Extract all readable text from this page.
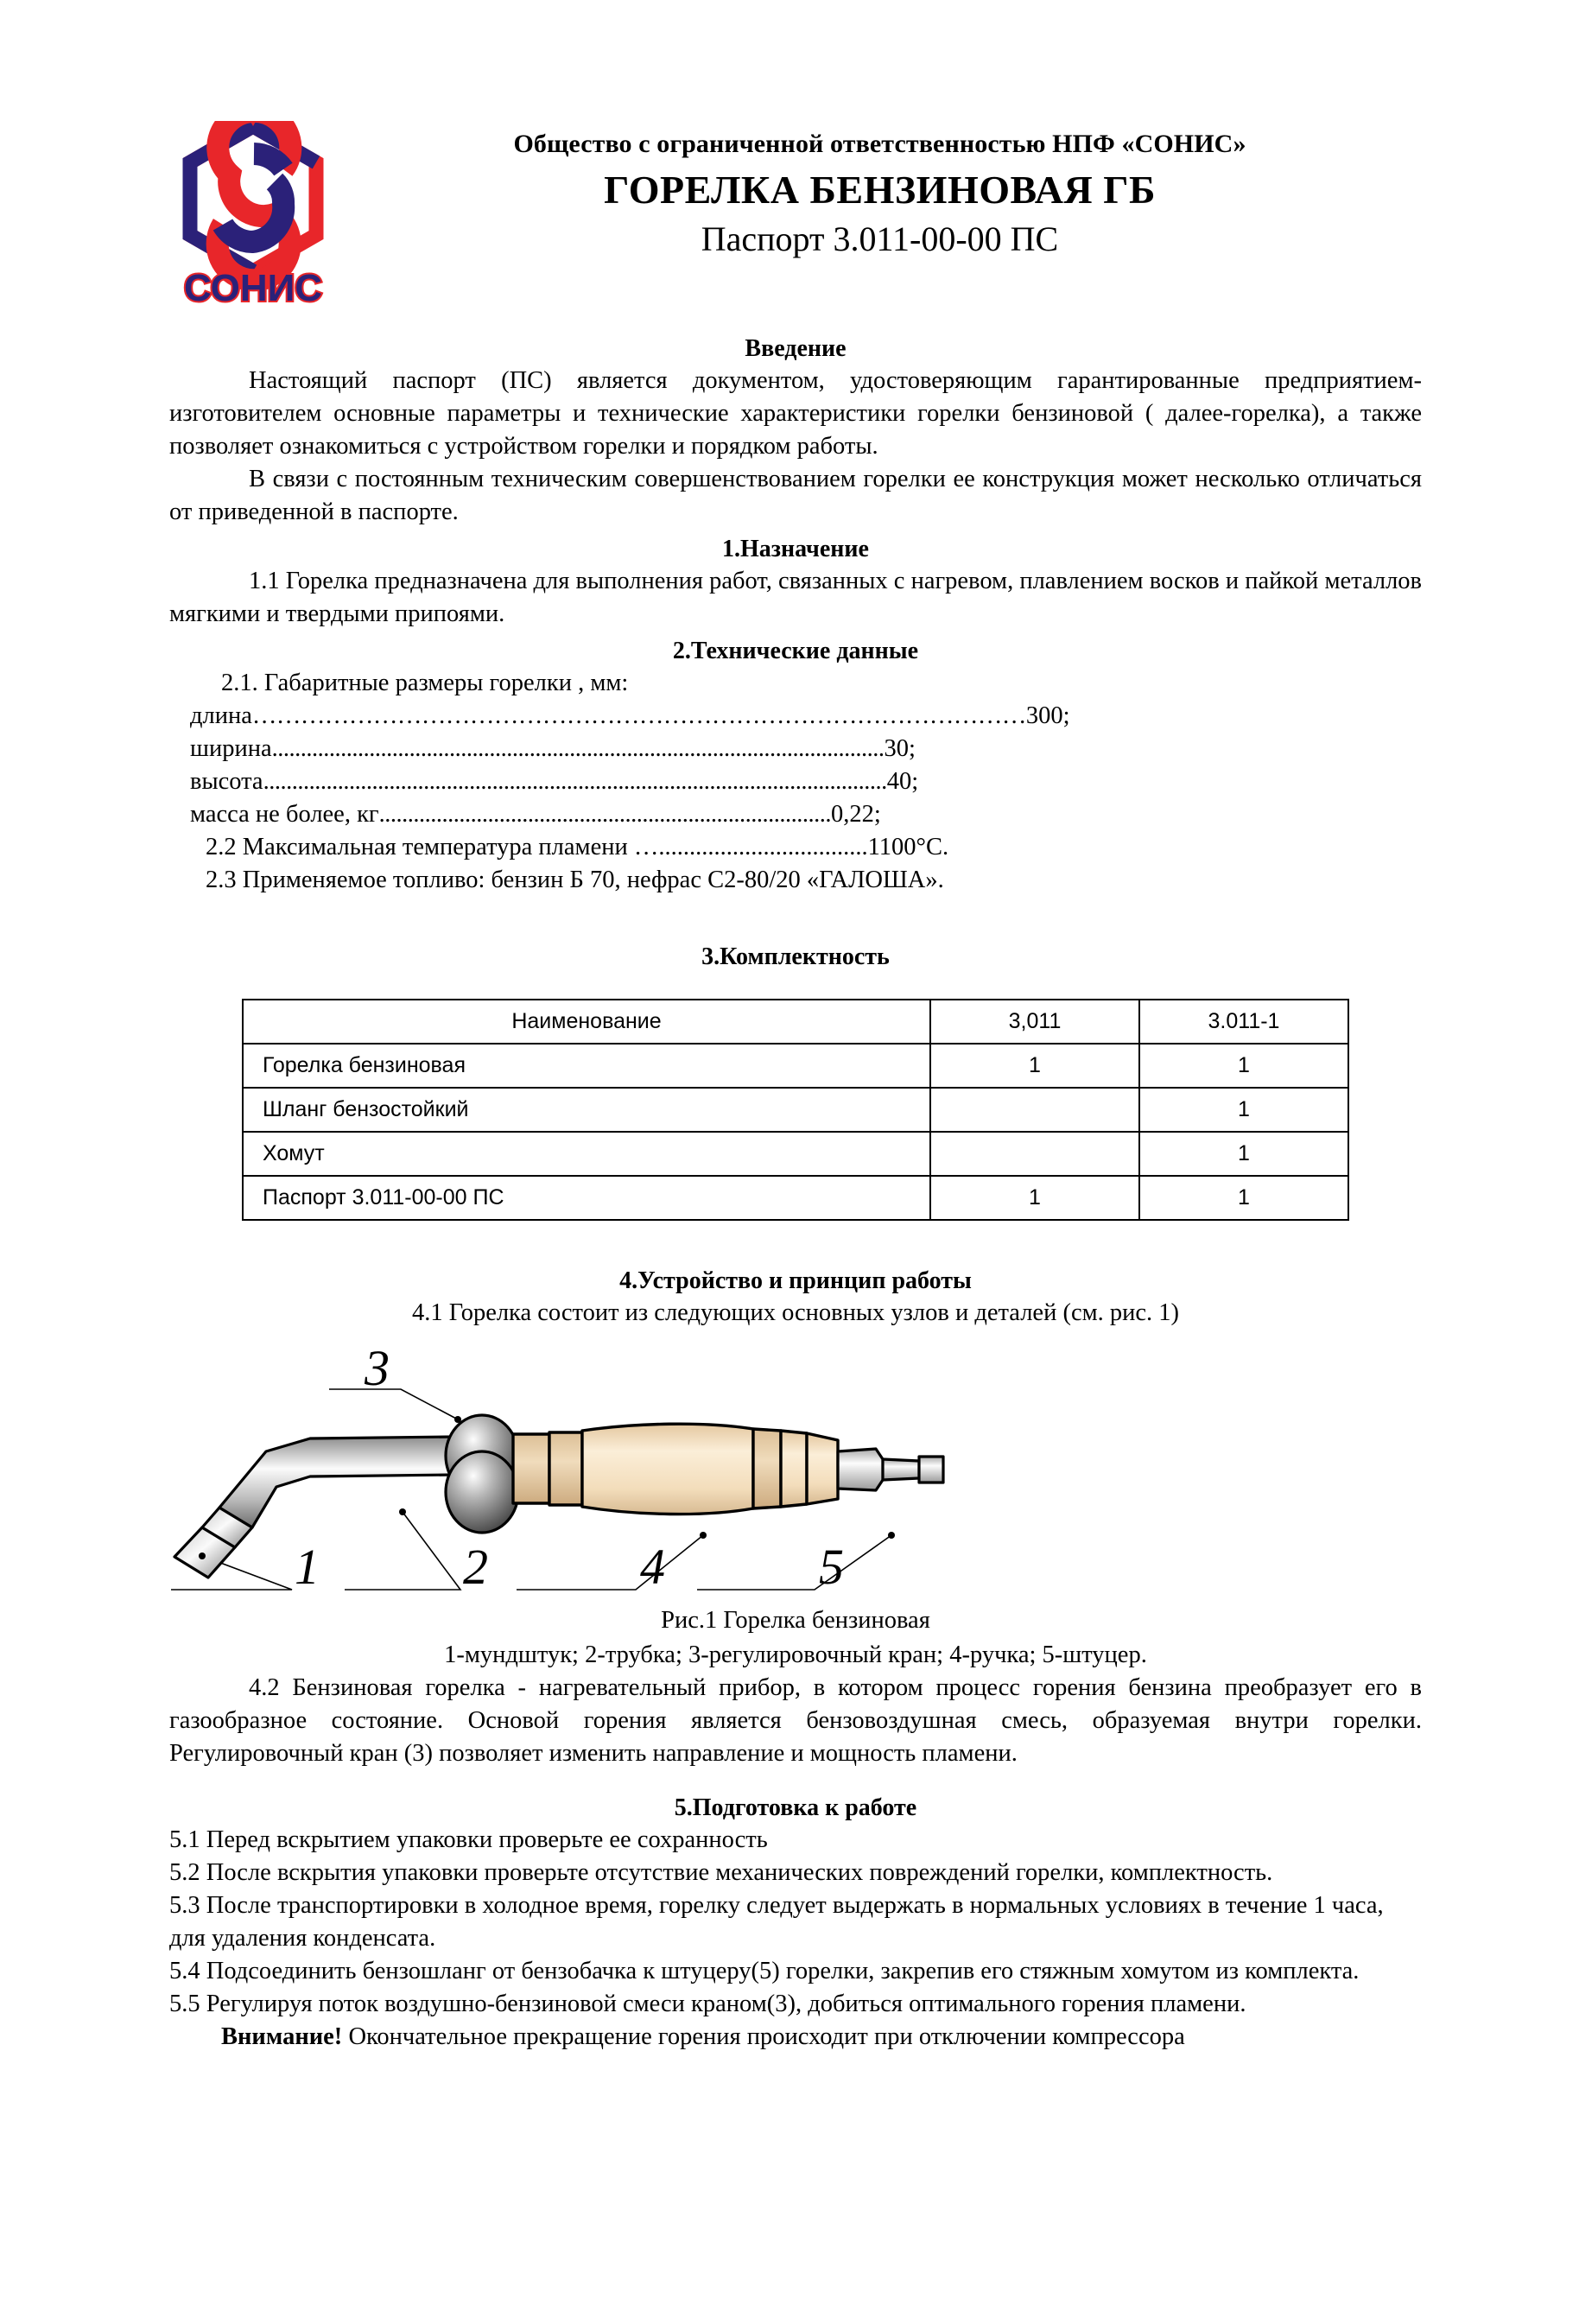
СОНИС
Общество с ограниченной ответственностью НПФ «СОНИС»
ГОРЕЛКА БЕНЗИНОВАЯ ГБ
Паспорт 3.011-00-00 ПС
Введение

Настоящий паспорт (ПС) является документом, удостоверяющим гарантированные предприятием-изготовителем основные параметры и технические характеристики горелки бензиновой ( далее-горелка), а также позволяет ознакомиться с устройством горелки и порядком работы.

В связи с постоянным техническим совершенствованием горелки ее конструкция может несколько отличаться от приведенной в паспорте.

1.Назначение

1.1 Горелка предназначена для выполнения работ, связанных с нагревом, плавлением восков и пайкой металлов мягкими и твердыми припоями.

2.Технические данные

2.1. Габаритные размеры горелки , мм:

длина……………………………………………………………………………………300;
ширина...........................................................................................................30;
высота.............................................................................................................40;
масса не более, кг...............................................................................0,22;

2.2 Максимальная температура пламени …..................................1100°С.

2.3 Применяемое топливо: бензин Б 70, нефрас С2-80/20 «ГАЛОША».

3.Комплектность
Наименование	3,011	3.011-1
Горелка бензиновая	1	1
Шланг бензостойкий		1
Хомут		1
Паспорт 3.011-00-00 ПС	1	1
4.Устройство и принцип работы

4.1 Горелка состоит из следующих основных узлов и деталей (см. рис. 1)

1	2
3
4	5
Рис.1 Горелка бензиновая
1-мундштук; 2-трубка; 3-регулировочный кран; 4-ручка; 5-штуцер.

4.2 Бензиновая горелка - нагревательный прибор, в котором процесс горения бензина преобразует его в газообразное состояние. Основой горения является бензовоздушная смесь, образуемая внутри горелки. Регулировочный кран (3) позволяет изменить направление и мощность пламени.

5.Подготовка к работе

5.1 Перед вскрытием упаковки проверьте ее сохранность

5.2 После вскрытия упаковки проверьте отсутствие механических повреждений горелки, комплектность.

5.3 После транспортировки в холодное время, горелку следует выдержать в нормальных условиях в течение 1 часа, для удаления конденсата.

5.4 Подсоединить бензошланг от бензобачка к штуцеру(5) горелки, закрепив его стяжным хомутом из комплекта.

5.5 Регулируя поток воздушно-бензиновой смеси краном(3), добиться оптимального горения пламени.

Внимание! Окончательное прекращение горения происходит при отключении компрессора
